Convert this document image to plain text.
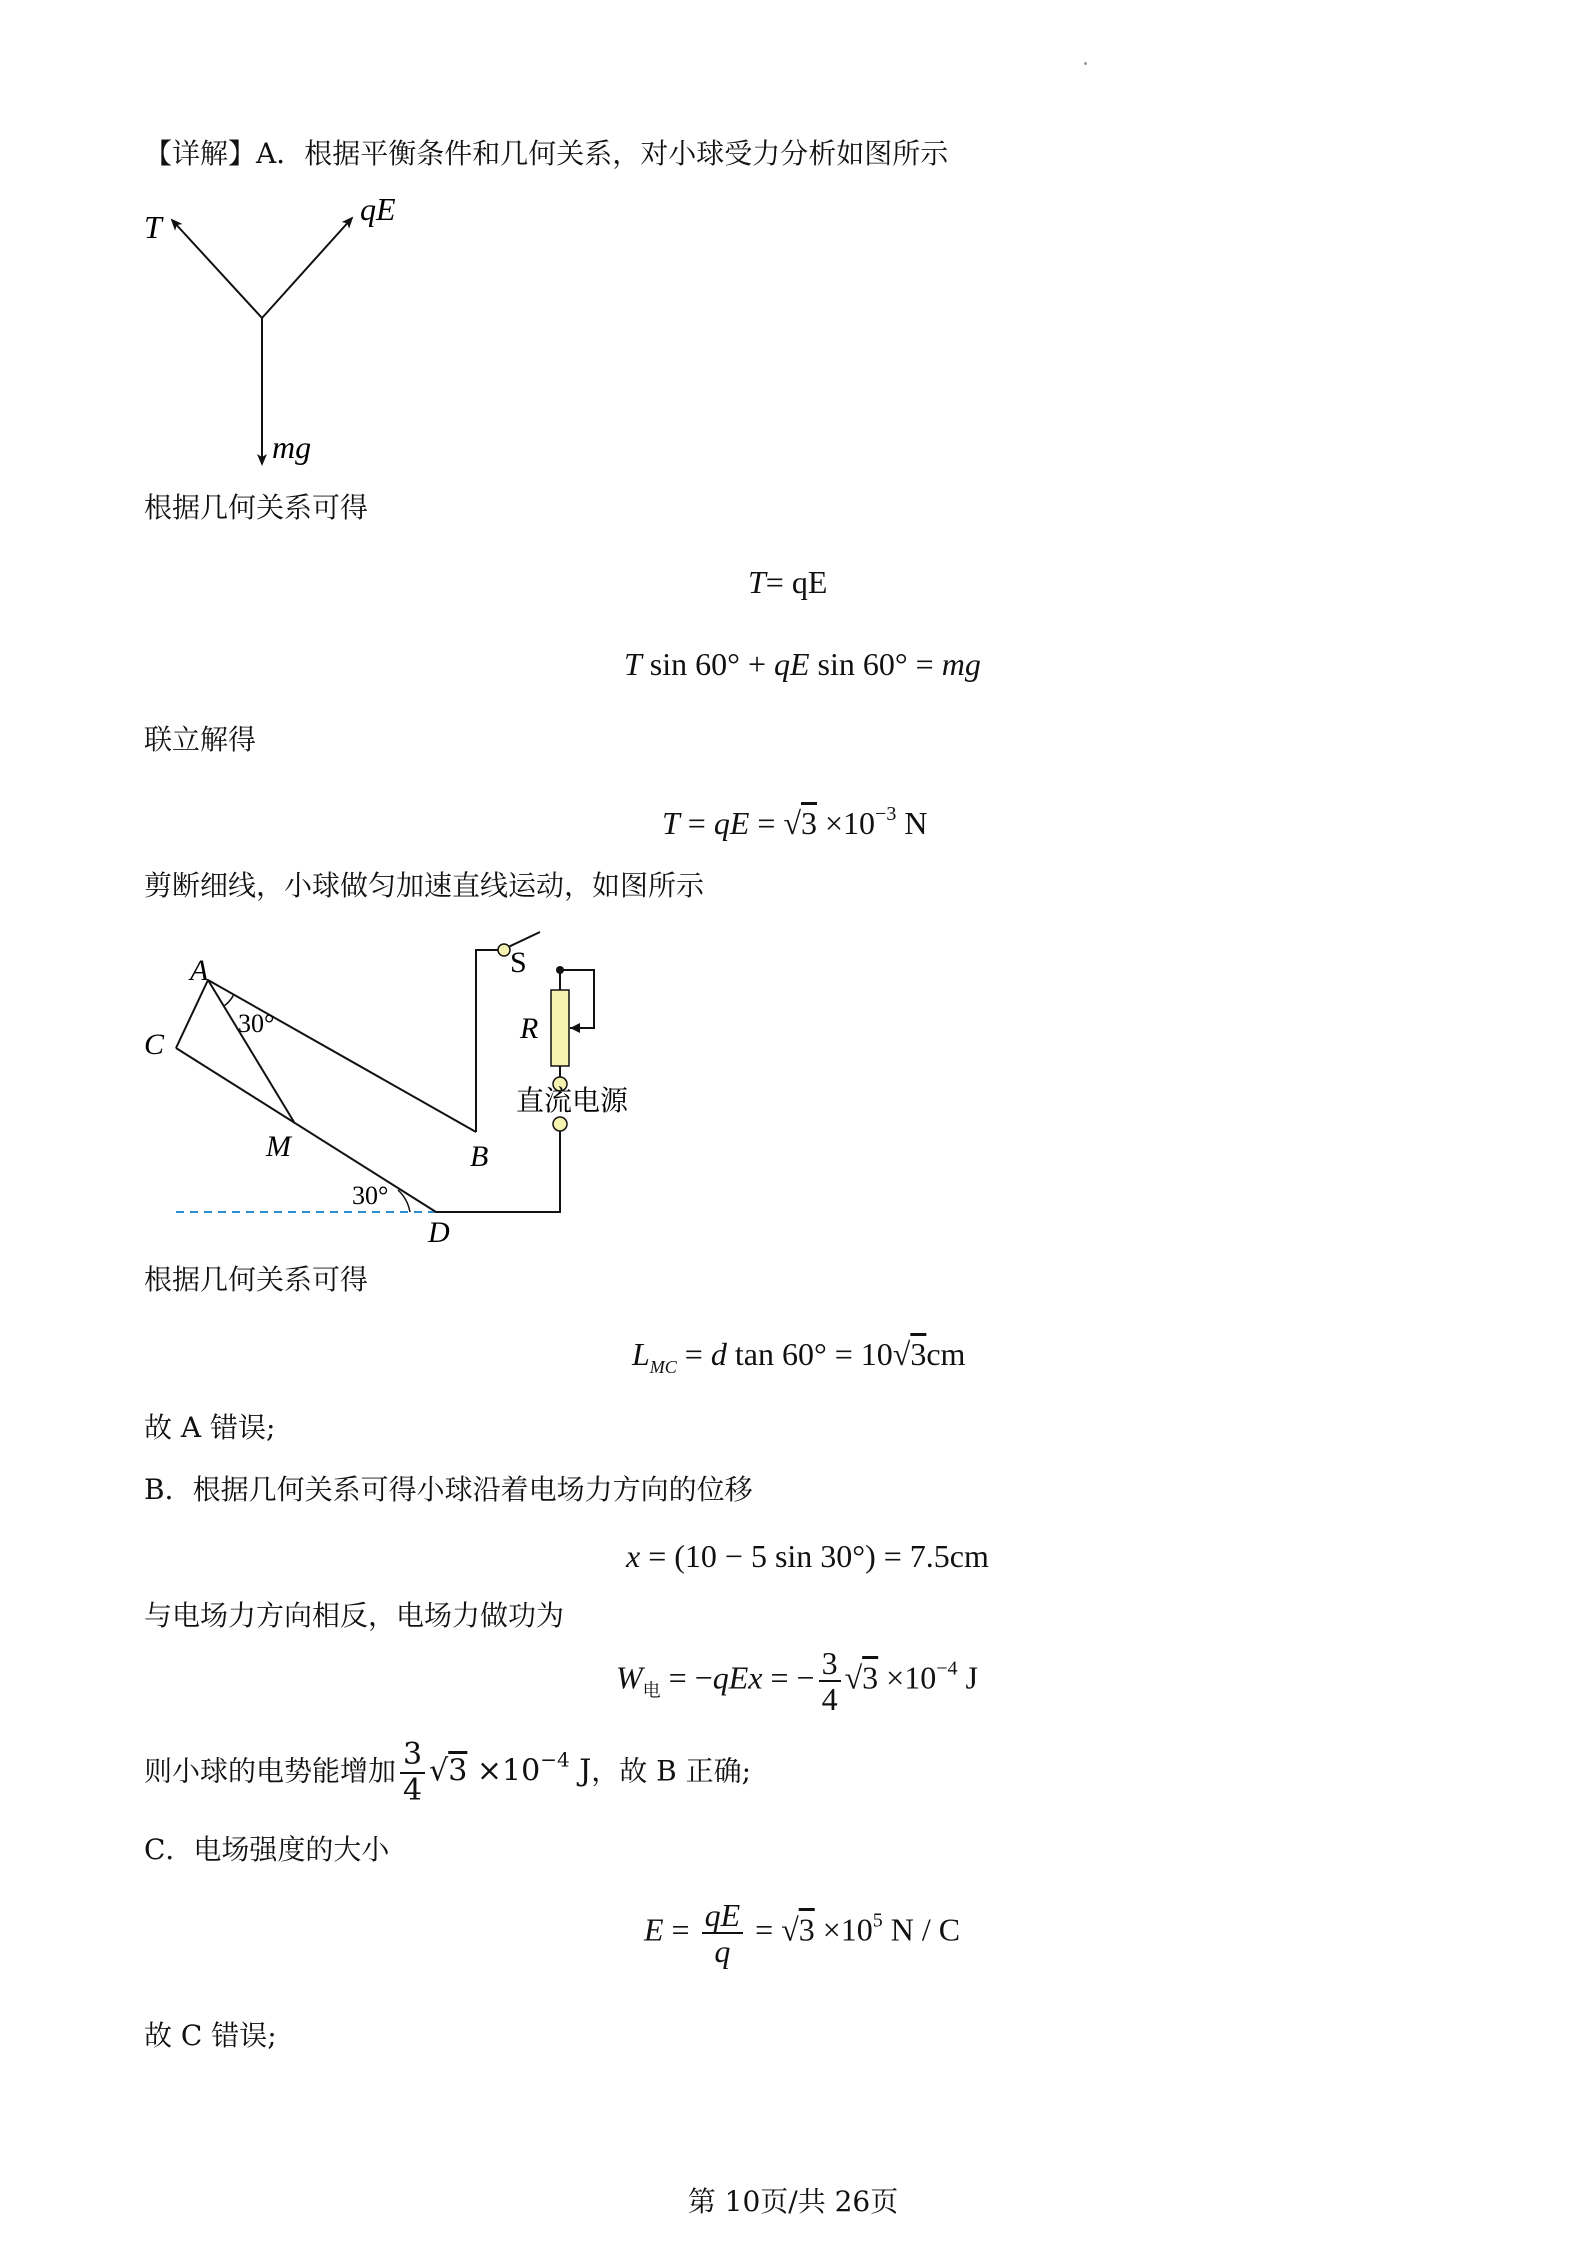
【详解】A．根据平衡条件和几何关系，对小球受力分析如图所示
T	qE
mg
根据几何关系可得
T= qE
T sin 60° + qE sin 60° = mg
联立解得
T = qE = $√3 \times 10^{-3}$ N
剪断细线，小球做匀加速直线运动，如图所示
A
C
M	B
D
S
R
30°
30°
直流电源
根据几何关系可得
$L_{MC} = d$ tan 60° = 10√3cm
故 A 错误;
B．根据几何关系可得小球沿着电场力方向的位移
x = (10 − 5 sin 30°) = 7.5cm
与电场力方向相反，电场力做功为
$W_电 = -qEx$ = − $\frac{3}{4} √3 \times 10^{-4}$ J
则小球的电势能增加 $\frac{3}{4} √3 \times 10^{-4}$ J，故 B 正确;
C．电场强度的大小
$E = \frac{qE}{q} = √3 \times 10^5$ N / C
故 C 错误;
第 10页/共 26页
